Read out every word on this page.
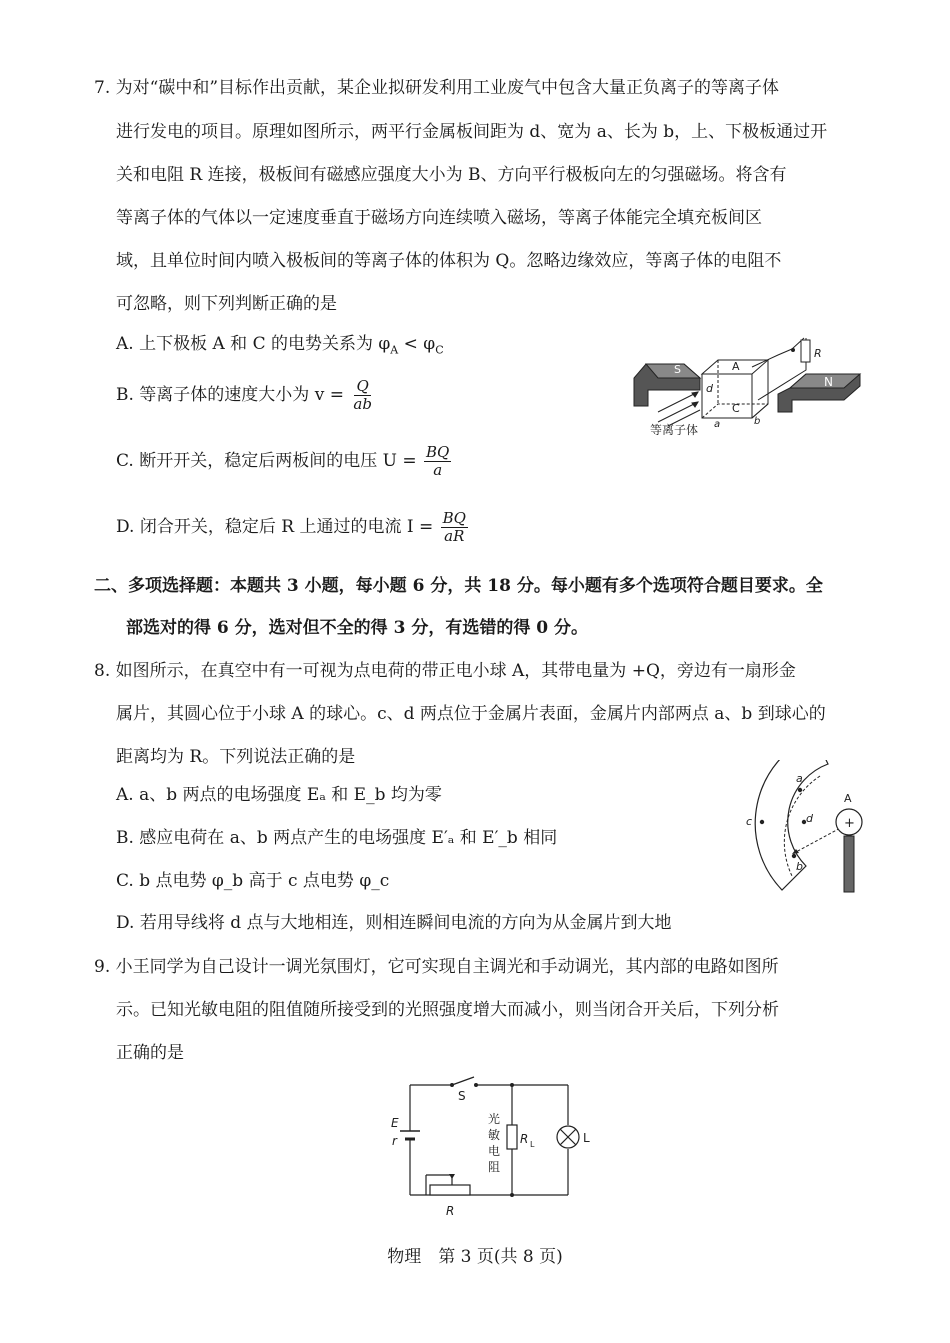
7. 为对“碳中和”目标作出贡献，某企业拟研发利用工业废气中包含大量正负离子的等离子体
进行发电的项目。原理如图所示，两平行金属板间距为 d、宽为 a、长为 b，上、下极板通过开
关和电阻 R 连接，极板间有磁感应强度大小为 B、方向平行极板向左的匀强磁场。将含有
等离子体的气体以一定速度垂直于磁场方向连续喷入磁场，等离子体能完全填充板间区
域，且单位时间内喷入极板间的等离子体的体积为 Q。忽略边缘效应，等离子体的电阻不
可忽略，则下列判断正确的是
A. 上下极板 A 和 C 的电势关系为 $\varphi_A < \varphi_C$
B. 等离子体的速度大小为 $v = \frac{Q}{ab}$
C. 断开开关，稳定后两板间的电压 $U = \frac{BQ}{a}$
D. 闭合开关，稳定后 R 上通过的电流 $I = \frac{BQ}{aR}$
S	A
C
d
a	b
等离子体
R
N
二、多项选择题：本题共 3 小题，每小题 6 分，共 18 分。每小题有多个选项符合题目要求。全
部选对的得 6 分，选对但不全的得 3 分，有选错的得 0 分。
8. 如图所示，在真空中有一可视为点电荷的带正电小球 A，其带电量为 +Q，旁边有一扇形金
属片，其圆心位于小球 A 的球心。c、d 两点位于金属片表面，金属片内部两点 a、b 到球心的
距离均为 R。下列说法正确的是
A. a、b 两点的电场强度 Eₐ 和 E_b 均为零
B. 感应电荷在 a、b 两点产生的电场强度 E′ₐ 和 E′_b 相同
C. b 点电势 φ_b 高于 c 点电势 φ_c
D. 若用导线将 d 点与大地相连，则相连瞬间电流的方向为从金属片到大地
a
b
c	d +
A
9. 小王同学为自己设计一调光氛围灯，它可实现自主调光和手动调光，其内部的电路如图所
示。已知光敏电阻的阻值随所接受到的光照强度增大而减小，则当闭合开关后，下列分析
正确的是
S
E
r
R
R L
光
敏
电
阻
L
物理　第 3 页(共 8 页)
